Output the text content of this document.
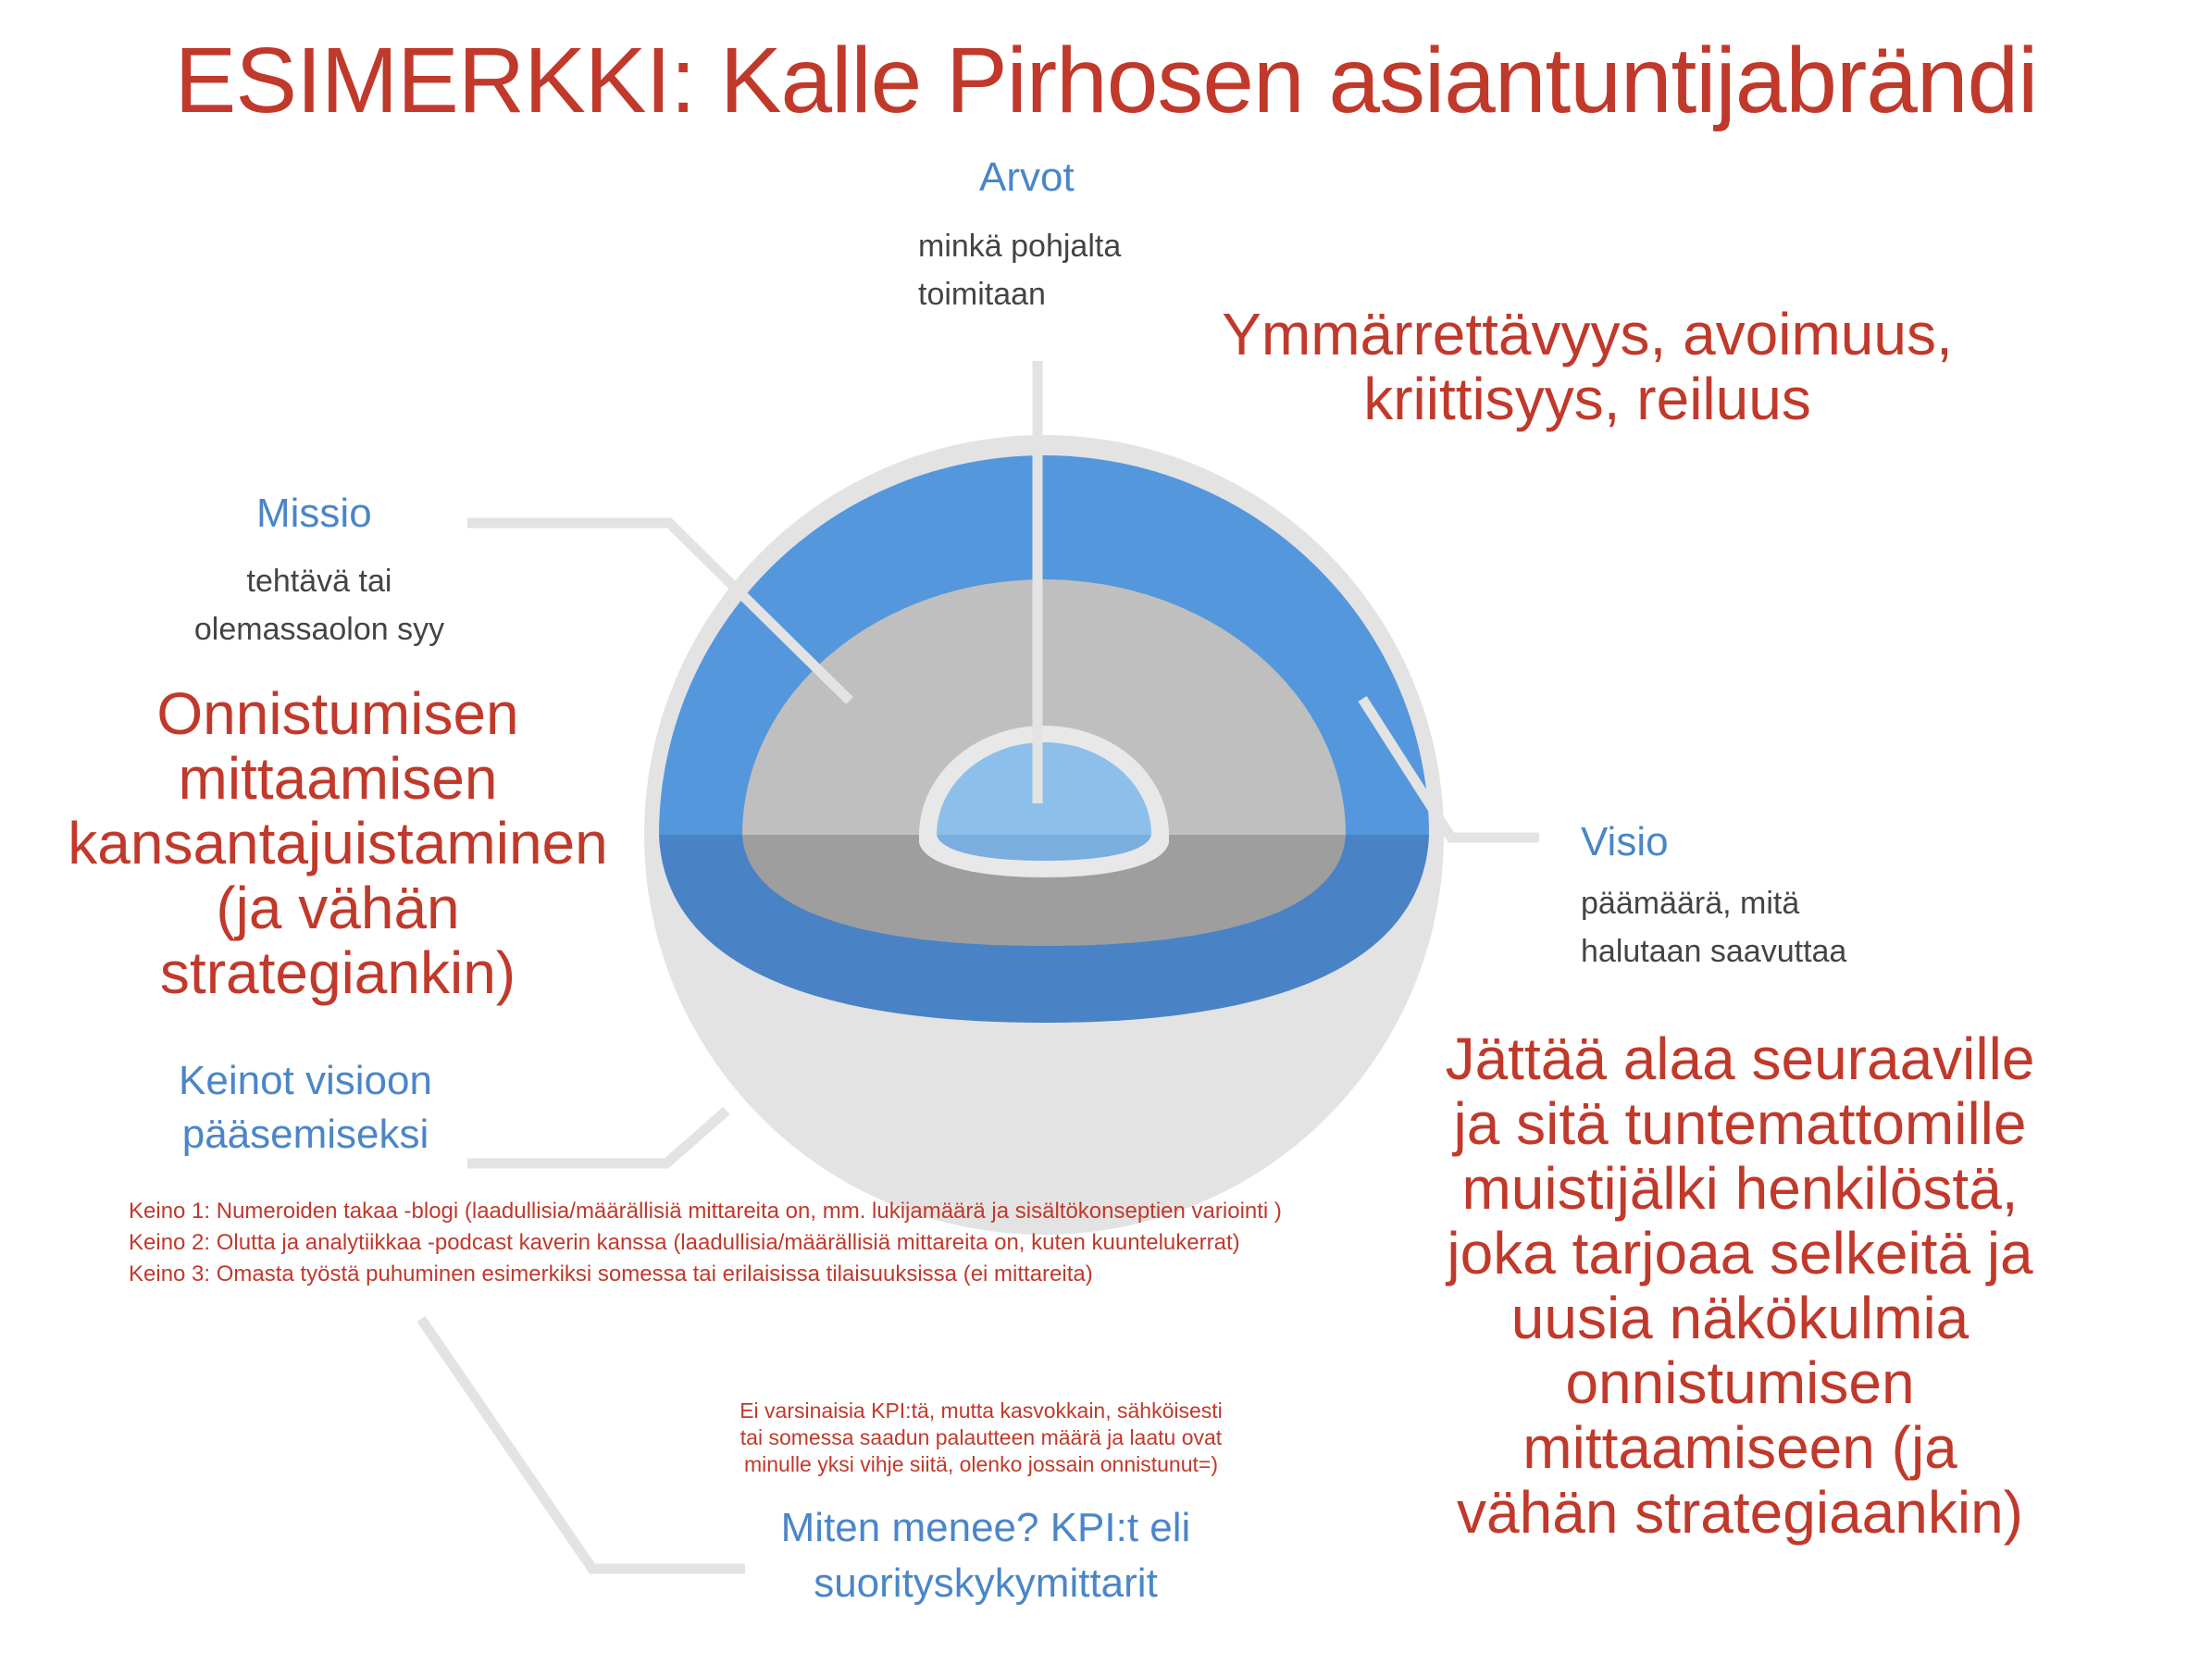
ESIMERKKI: Kalle Pirhosen asiantuntijabrändi
Arvot
minkä pohjalta
toimitaan
Ymmärrettävyys, avoimuus,
kriittisyys, reiluus
Missio
tehtävä tai
olemassaolon syy
Onnistumisen
mittaamisen
kansantajuistaminen
(ja vähän
strategiankin)
Visio
päämäärä, mitä
halutaan saavuttaa
Jättää alaa seuraaville
ja sitä tuntemattomille
muistijälki henkilöstä,
joka tarjoaa selkeitä ja
uusia näkökulmia
onnistumisen
mittaamiseen (ja
vähän strategiaankin)
Keinot visioon
pääsemiseksi
Keino 1: Numeroiden takaa -blogi (laadullisia/määrällisiä mittareita on, mm. lukijamäärä ja sisältökonseptien variointi )
Keino 2: Olutta ja analytiikkaa -podcast kaverin kanssa (laadullisia/määrällisiä mittareita on, kuten kuuntelukerrat)
Keino 3: Omasta työstä puhuminen esimerkiksi somessa tai erilaisissa tilaisuuksissa (ei mittareita)
Ei varsinaisia KPI:tä, mutta kasvokkain, sähköisesti
tai somessa saadun palautteen määrä ja laatu ovat
minulle yksi vihje siitä, olenko jossain onnistunut=)
Miten menee? KPI:t eli
suorityskykymittarit
